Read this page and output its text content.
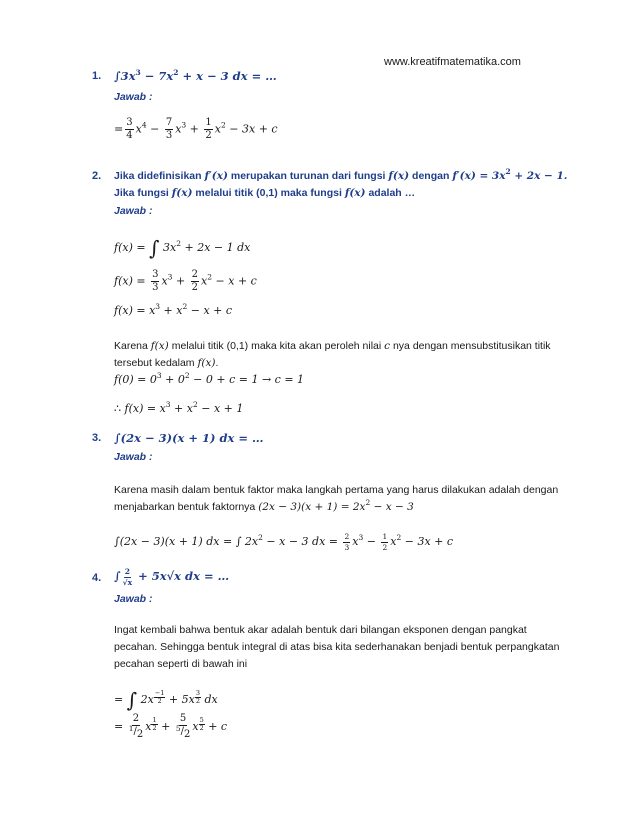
www.kreatifmatematika.com
1. $\int 3x^3 - 7x^2 + x - 3$ dx = …
Jawab :
= $\frac{3}{4} x^4 - \frac{7}{3} x^3 + \frac{1}{2} x^2 - 3x + c$
2. Jika didefinisikan f′(x) merupakan turunan dari fungsi f(x) dengan $f'(x) = 3x^2 + 2x - 1$.
Jika fungsi f(x) melalui titik (0,1) maka fungsi f(x) adalah …
Jawab :
f(x) = ∫ $3x^2 + 2x - 1$ dx
$f(x) = \frac{3}{3} x^3 + \frac{2}{2} x^2 - x + c$
$f(x) = x^3 + x^2 - x + c$
Karena f(x) melalui titik (0,1) maka kita akan peroleh nilai c nya dengan mensubstitusikan titik
tersebut kedalam f(x).
$f(0) = 0^3 + 0^2 - 0 + c = 1 \to c = 1$
∴ $f(x) = x^3 + x^2 - x + 1$
3. ∫(2x − 3)(x + 1) dx = …
Jawab :
Karena masih dalam bentuk faktor maka langkah pertama yang harus dilakukan adalah dengan
menjabarkan bentuk faktornya $(2x - 3)(x + 1) = 2x^2 - x - 3$
∫(2x − 3)(x + 1) dx = ∫ $2x^2 - x - 3$ dx = $\frac{2}{3} x^3 - \frac{1}{2} x^2 - 3x + c$
4. ∫ $\frac{2}{√x} + 5x√x$ dx = …
Jawab :
Ingat kembali bahwa bentuk akar adalah bentuk dari bilangan eksponen dengan pangkat
pecahan. Sehingga bentuk integral di atas bisa kita sederhanakan benjadi bentuk perpangkatan
pecahan seperti di bawah ini
= ∫ 2x $^{\frac{-1}{2}}$ + 5x $^{\frac{3}{2}}$ dx
= $\frac{2}{^1/_2}$ x $^{\frac{1}{2}} + \frac{5}{^5/_2}$ x $^{\frac{5}{2}}$ + c
